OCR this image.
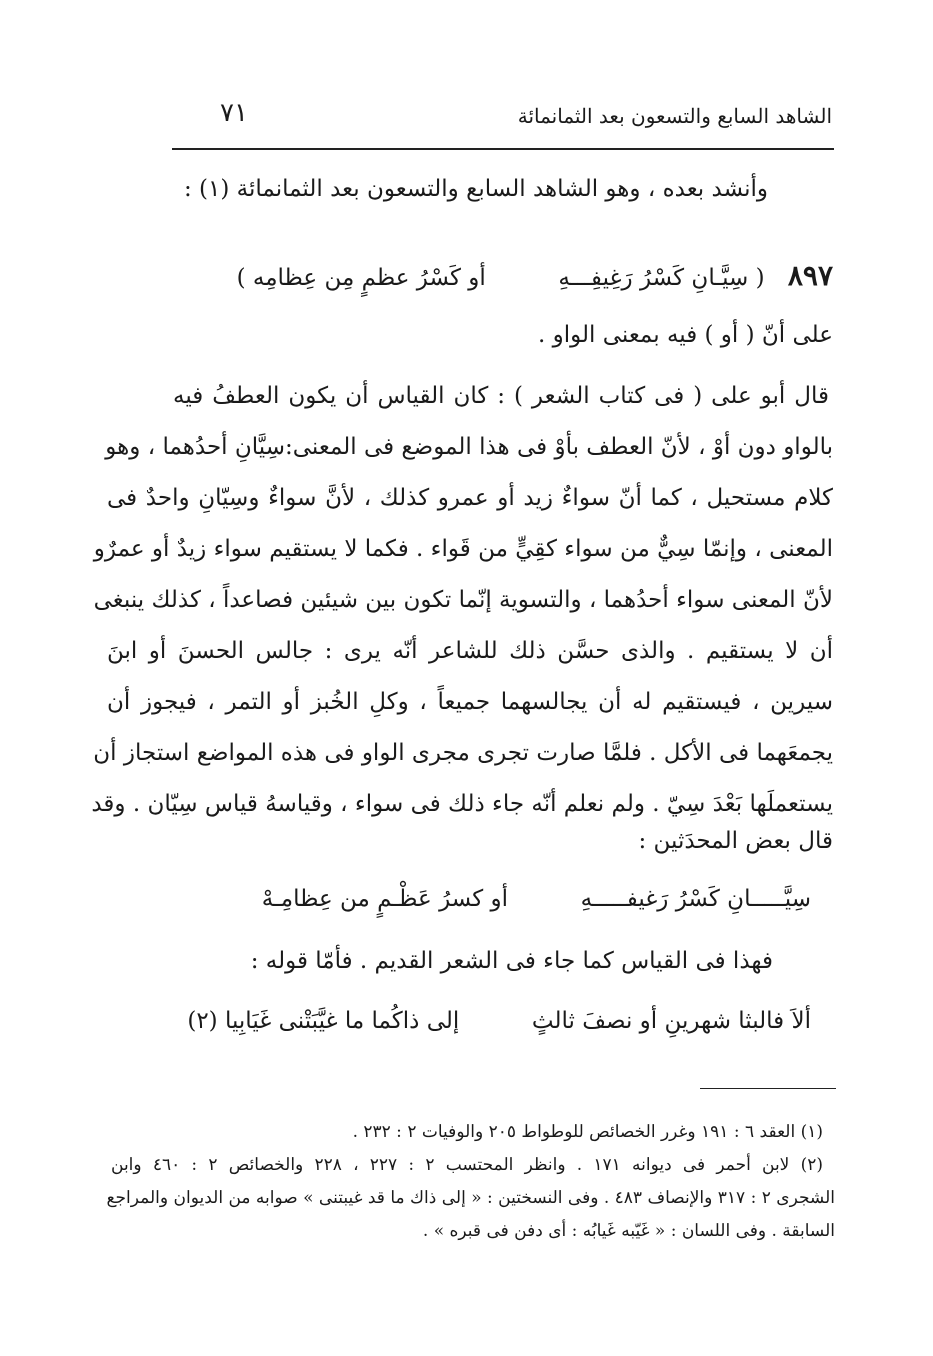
الشاهد السابع والتسعون بعد الثمانمائة
٧١
وأنشد بعده ، وهو الشاهد السابع والتسعون بعد الثمانمائة (١) :
٨٩٧ ( سِيَّـانِ كَسْرُ رَغِيفِـــهِ  أو كَسْرُ عظمٍ مِن عِظامِه )
على أنّ ( أو ) فيه بمعنى الواو .
قال أبو على ( فى كتاب الشعر ) : كان القياس أن يكون العطفُ فيه
بالواو دون أوْ ، لأنّ العطف بأوْ فى هذا الموضع فى المعنى:سِيَّانِ أحدُهما ، وهو
كلام مستحيل ، كما أنّ سواءٌ زيد أو عمرو كذلك ، لأنَّ سواءٌ وسِيّانِ واحدٌ فى
المعنى ، وإنمّا سِيٌّ من سواء كقِيٍّ من قَواء . فكما لا يستقيم سواء زيدٌ أو عمرٌو
لأنّ المعنى سواء أحدُهما ، والتسوية إنّما تكون بين شيئين فصاعداً ، كذلك ينبغى
أن لا يستقيم . والذى حسَّن ذلك للشاعر أنّه يرى : جالس الحسنَ أو ابنَ
سيرين ، فيستقيم له أن يجالسهما جميعاً ، وكلِ الخُبز أو التمر ، فيجوز أن
يجمعَهما فى الأكل . فلمَّا صارت تجرى مجرى الواو فى هذه المواضع استجاز أن
يستعملَها بَعْدَ سِيّ . ولم نعلم أنّه جاء ذلك فى سواء ، وقياسهُ قياس سِيّان . وقد
قال بعض المحدَثين :
سِيَّـــــانِ كَسْرُ رَغيفـــــهِ  أو كسرُ عَظْـمٍ من عِظامِـهْ
فهذا فى القياس كما جاء فى الشعر القديم . فأمّا قوله :
ألاَ فالبثا شهرينِ أو نصفَ ثالثٍ  إلى ذاكُما ما غيَّبَتْنى غَيَابِيا (٢)
(١) العقد ٦ : ١٩١ وغرر الخصائص للوطواط ٢٠٥ والوفيات ٢ : ٢٣٢ .
(٢) لابن أحمر فى ديوانه ١٧١ . وانظر المحتسب ٢ : ٢٢٧ ، ٢٢٨ والخصائص ٢ : ٤٦٠ وابن
الشجرى ٢ : ٣١٧ والإنصاف ٤٨٣ . وفى النسختين : « إلى ذاك ما قد غيبتنى » صوابه من الديوان والمراجع
السابقة . وفى اللسان : « غَيّبه غَيابُه : أى دفن فى قبره » .
